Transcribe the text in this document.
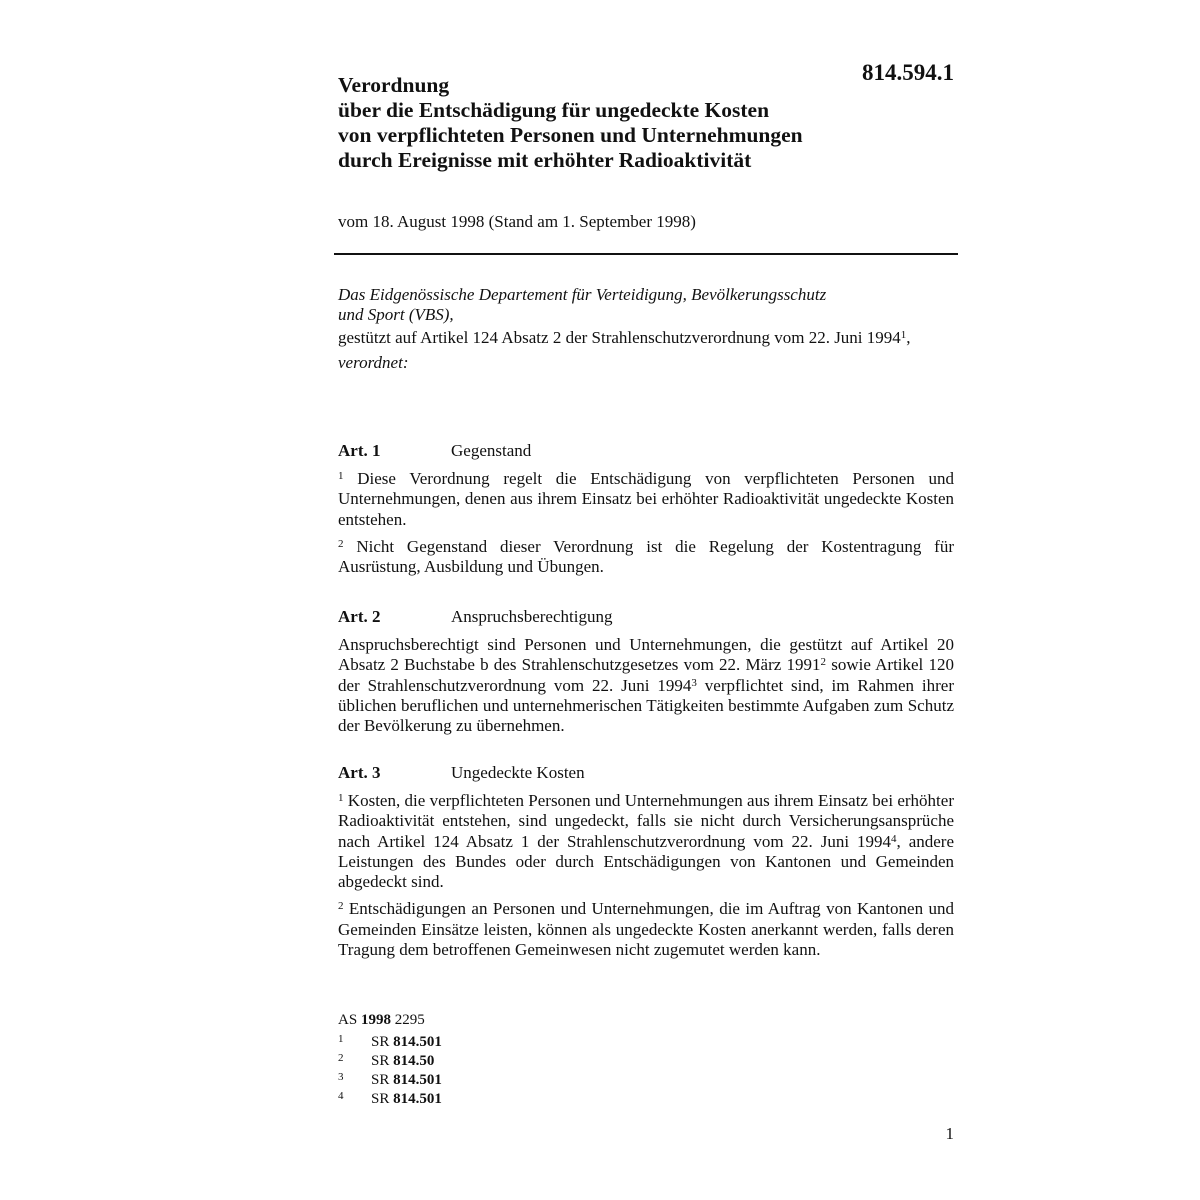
814.594.1
Verordnung
über die Entschädigung für ungedeckte Kosten
von verpflichteten Personen und Unternehmungen
durch Ereignisse mit erhöhter Radioaktivität
vom 18. August 1998 (Stand am 1. September 1998)
Das Eidgenössische Departement für Verteidigung, Bevölkerungsschutz
und Sport (VBS),
gestützt auf Artikel 124 Absatz 2 der Strahlenschutzverordnung vom 22. Juni 1994$^1$,
verordnet:
Art. 1	Gegenstand

$^1$ Diese Verordnung regelt die Entschädigung von verpflichteten Personen und Unternehmungen, denen aus ihrem Einsatz bei erhöhter Radioaktivität ungedeckte Kosten entstehen.

$^2$ Nicht Gegenstand dieser Verordnung ist die Regelung der Kostentragung für Ausrüstung, Ausbildung und Übungen.

Art. 2	Anspruchsberechtigung

Anspruchsberechtigt sind Personen und Unternehmungen, die gestützt auf Artikel 20 Absatz 2 Buchstabe b des Strahlenschutzgesetzes vom 22. März 1991$^2$ sowie Artikel 120 der Strahlenschutzverordnung vom 22. Juni 1994$^3$ verpflichtet sind, im Rahmen ihrer üblichen beruflichen und unternehmerischen Tätigkeiten bestimmte Aufgaben zum Schutz der Bevölkerung zu übernehmen.

Art. 3	Ungedeckte Kosten

$^1$ Kosten, die verpflichteten Personen und Unternehmungen aus ihrem Einsatz bei erhöhter Radioaktivität entstehen, sind ungedeckt, falls sie nicht durch Versicherungsansprüche nach Artikel 124 Absatz 1 der Strahlenschutzverordnung vom 22. Juni 1994$^4$, andere Leistungen des Bundes oder durch Entschädigungen von Kantonen und Gemeinden abgedeckt sind.

$^2$ Entschädigungen an Personen und Unternehmungen, die im Auftrag von Kantonen und Gemeinden Einsätze leisten, können als ungedeckte Kosten anerkannt werden, falls deren Tragung dem betroffenen Gemeinwesen nicht zugemutet werden kann.

AS 1998 2295
1 SR 814.501
2 SR 814.50
3 SR 814.501
4 SR 814.501
1
